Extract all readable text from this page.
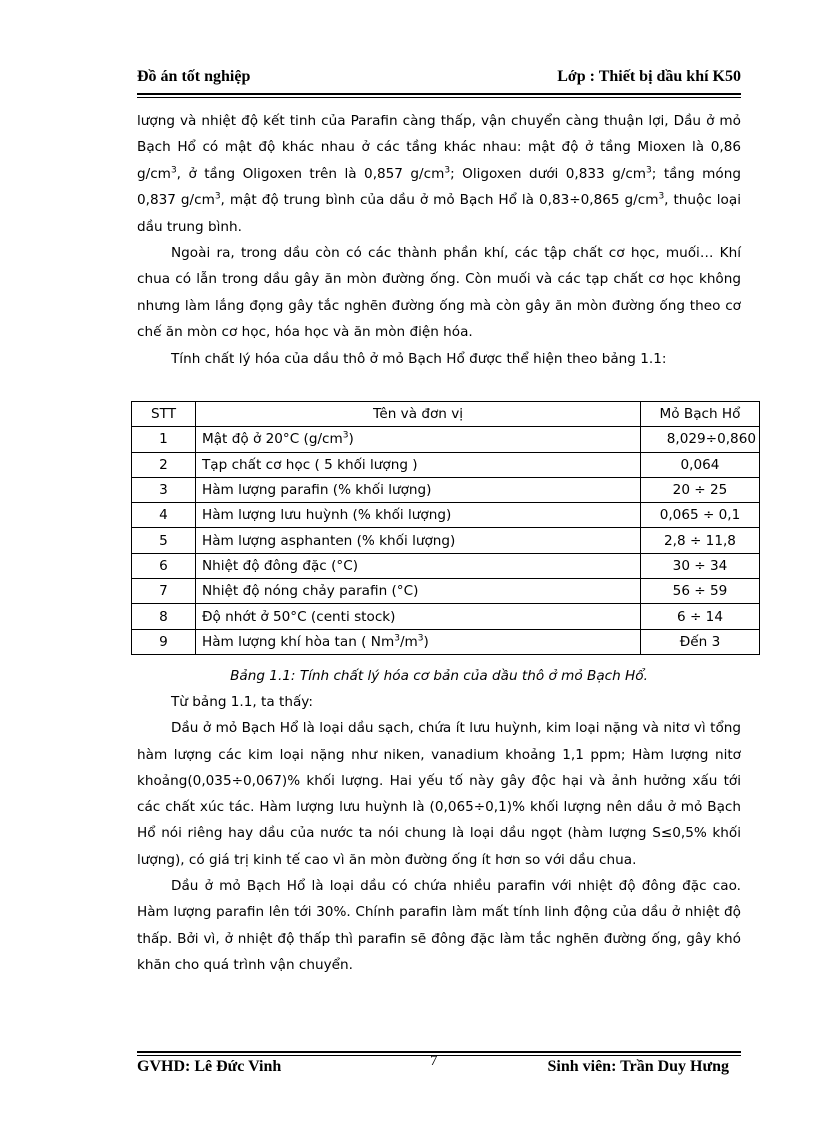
Đồ án tốt nghiệp	Lớp : Thiết bị dầu khí K50

lượng và nhiệt độ kết tinh của Parafin càng thấp, vận chuyển càng thuận lợi, Dầu ở mỏ Bạch Hổ có mật độ khác nhau ở các tầng khác nhau: mật độ ở tầng Mioxen là 0,86 $g/cm^3$, ở tầng Oligoxen trên là 0,857 $g/cm^3$; Oligoxen dưới 0,833 $g/cm^3$; tầng móng 0,837 $g/cm^3$, mật độ trung bình của dầu ở mỏ Bạch Hổ là 0,83÷0,865 $g/cm^3$, thuộc loại dầu trung bình.

Ngoài ra, trong dầu còn có các thành phần khí, các tập chất cơ học, muối… Khí chua có lẫn trong dầu gây ăn mòn đường ống. Còn muối và các tạp chất cơ học không nhưng làm lắng đọng gây tắc nghẽn đường ống mà còn gây ăn mòn đường ống theo cơ chế ăn mòn cơ học, hóa học và ăn mòn điện hóa.

Tính chất lý hóa của dầu thô ở mỏ Bạch Hổ được thể hiện theo bảng 1.1:

STT	Tên và đơn vị	Mỏ Bạch Hổ
1	Mật độ ở 20°C $(g/cm^3)$	8,029÷0,860
2	Tạp chất cơ học ( 5 khối lượng )	0,064
3	Hàm lượng parafin (% khối lượng)	20 ÷ 25
4	Hàm lượng lưu huỳnh (% khối lượng)	0,065 ÷ 0,1
5	Hàm lượng asphanten (% khối lượng)	2,8 ÷ 11,8
6	Nhiệt độ đông đặc (°C)	30 ÷ 34
7	Nhiệt độ nóng chảy parafin (°C)	56 ÷ 59
8	Độ nhớt ở 50°C (centi stock)	6 ÷ 14
9	Hàm lượng khí hòa tan ( $Nm^3/m^3$)	Đến 3
Bảng 1.1: Tính chất lý hóa cơ bản của dầu thô ở mỏ Bạch Hổ.

Từ bảng 1.1, ta thấy:

Dầu ở mỏ Bạch Hổ là loại dầu sạch, chứa ít lưu huỳnh, kim loại nặng và nitơ vì tổng hàm lượng các kim loại nặng như niken, vanadium khoảng 1,1 ppm; Hàm lượng nitơ khoảng(0,035÷0,067)% khối lượng. Hai yếu tố này gây độc hại và ảnh hưởng xấu tới các chất xúc tác. Hàm lượng lưu huỳnh là (0,065÷0,1)% khối lượng nên dầu ở mỏ Bạch Hổ nói riêng hay dầu của nước ta nói chung là loại dầu ngọt (hàm lượng S≤0,5% khối lượng), có giá trị kinh tế cao vì ăn mòn đường ống ít hơn so với dầu chua.

Dầu ở mỏ Bạch Hổ là loại dầu có chứa nhiều parafin với nhiệt độ đông đặc cao. Hàm lượng parafin lên tới 30%. Chính parafin làm mất tính linh động của dầu ở nhiệt độ thấp. Bởi vì, ở nhiệt độ thấp thì parafin sẽ đông đặc làm tắc nghẽn đường ống, gây khó khăn cho quá trình vận chuyển.

GVHD: Lê Đức Vinh	7	Sinh viên: Trần Duy Hưng
